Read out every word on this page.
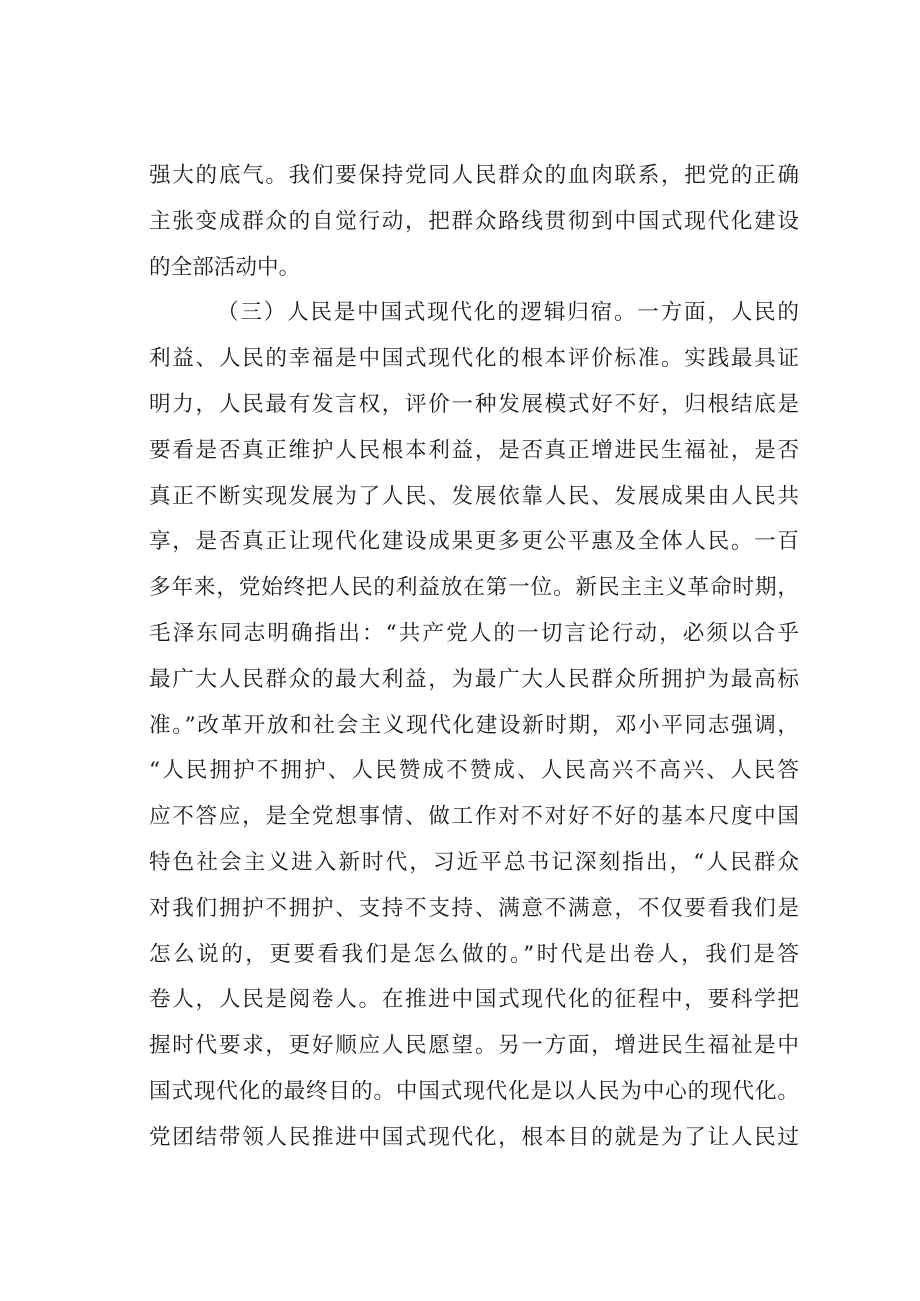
强大的底气。我们要保持党同人民群众的血肉联系，把党的正确
主张变成群众的自觉行动，把群众路线贯彻到中国式现代化建设
的全部活动中。
（三）人民是中国式现代化的逻辑归宿。一方面，人民的
利益、人民的幸福是中国式现代化的根本评价标准。实践最具证
明力，人民最有发言权，评价一种发展模式好不好，归根结底是
要看是否真正维护人民根本利益，是否真正增进民生福祉，是否
真正不断实现发展为了人民、发展依靠人民、发展成果由人民共
享，是否真正让现代化建设成果更多更公平惠及全体人民。一百
多年来，党始终把人民的利益放在第一位。新民主主义革命时期，
毛泽东同志明确指出：“共产党人的一切言论行动，必须以合乎
最广大人民群众的最大利益，为最广大人民群众所拥护为最高标
准。”改革开放和社会主义现代化建设新时期，邓小平同志强调，
“人民拥护不拥护、人民赞成不赞成、人民高兴不高兴、人民答
应不答应，是全党想事情、做工作对不对好不好的基本尺度中国
特色社会主义进入新时代，习近平总书记深刻指出，“人民群众
对我们拥护不拥护、支持不支持、满意不满意，不仅要看我们是
怎么说的，更要看我们是怎么做的。”时代是出卷人，我们是答
卷人，人民是阅卷人。在推进中国式现代化的征程中，要科学把
握时代要求，更好顺应人民愿望。另一方面，增进民生福祉是中
国式现代化的最终目的。中国式现代化是以人民为中心的现代化。
党团结带领人民推进中国式现代化，根本目的就是为了让人民过
